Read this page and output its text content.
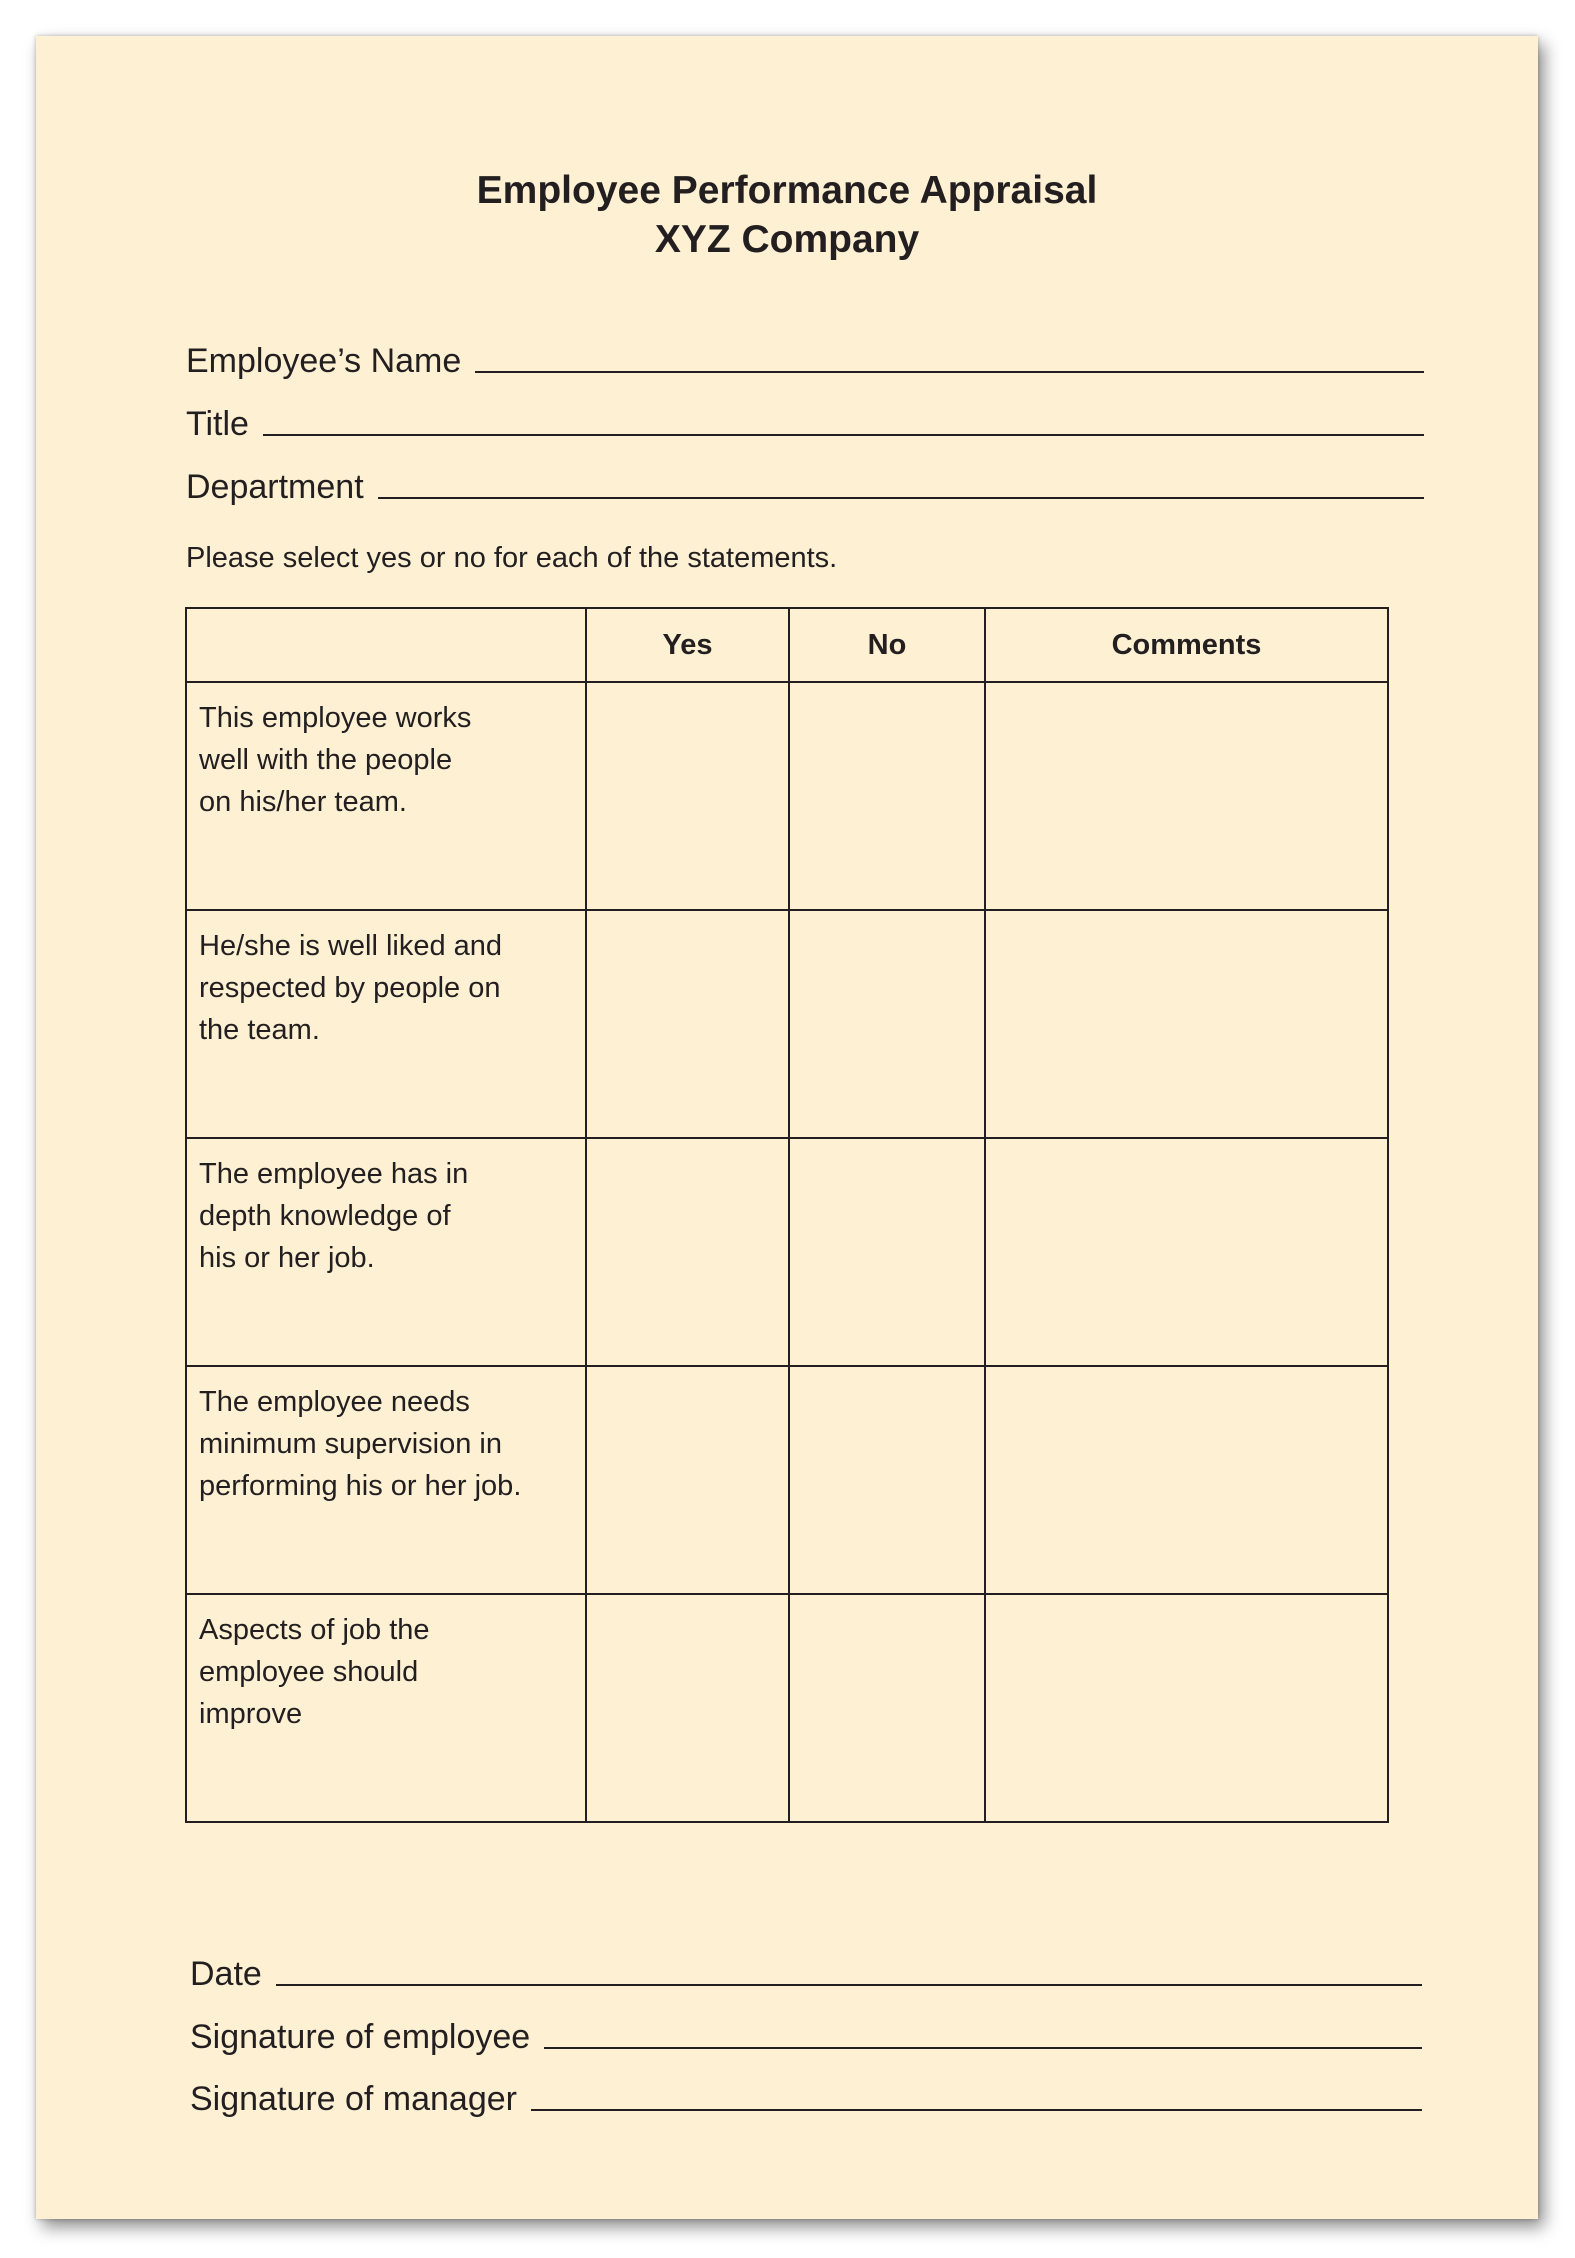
Employee Performance Appraisal
XYZ Company
Employee’s Name
Title
Department
Please select yes or no for each of the statements.
	Yes	No	Comments

This employee works
well with the people
on his/her team.			

He/she is well liked and
respected by people on
the team.			

The employee has in
depth knowledge of
his or her job.			

The employee needs
minimum supervision in
performing his or her job.			

Aspects of job the
employee should
improve			

Date
Signature of employee
Signature of manager
